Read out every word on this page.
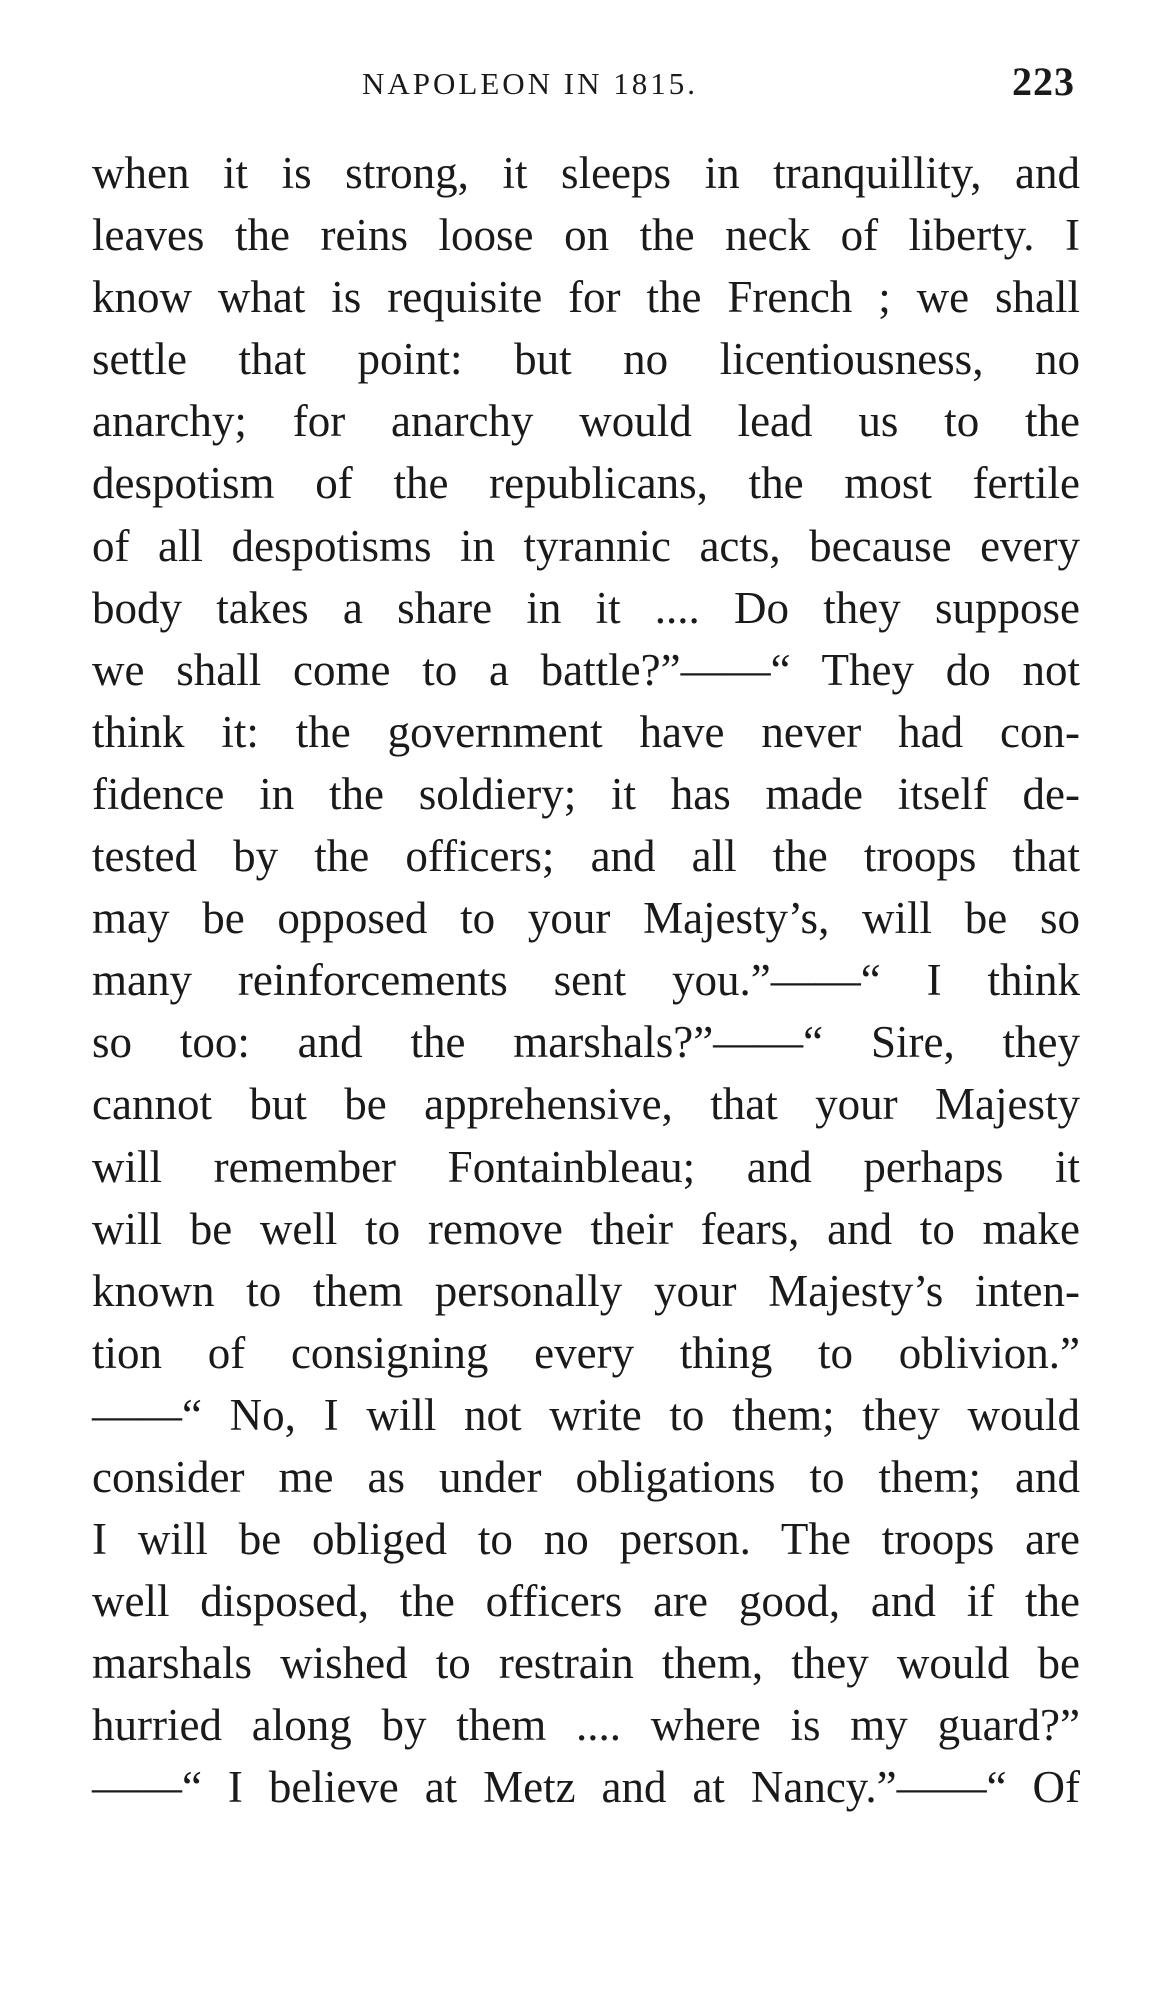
NAPOLEON IN 1815.	223
when it is strong, it sleeps in tranquillity, and
leaves the reins loose on the neck of liberty. I
know what is requisite for the French ; we shall
settle that point: but no licentiousness, no
anarchy; for anarchy would lead us to the
despotism of the republicans, the most fertile
of all despotisms in tyrannic acts, because every
body takes a share in it .... Do they suppose
we shall come to a battle?”——“ They do not
think it: the government have never had con-
fidence in the soldiery; it has made itself de-
tested by the officers; and all the troops that
may be opposed to your Majesty’s, will be so
many reinforcements sent you.”——“ I think
so too: and the marshals?”——“ Sire, they
cannot but be apprehensive, that your Majesty
will remember Fontainbleau; and perhaps it
will be well to remove their fears, and to make
known to them personally your Majesty’s inten-
tion of consigning every thing to oblivion.”
——“ No, I will not write to them; they would
consider me as under obligations to them; and
I will be obliged to no person. The troops are
well disposed, the officers are good, and if the
marshals wished to restrain them, they would be
hurried along by them .... where is my guard?”
——“ I believe at Metz and at Nancy.”——“ Of
